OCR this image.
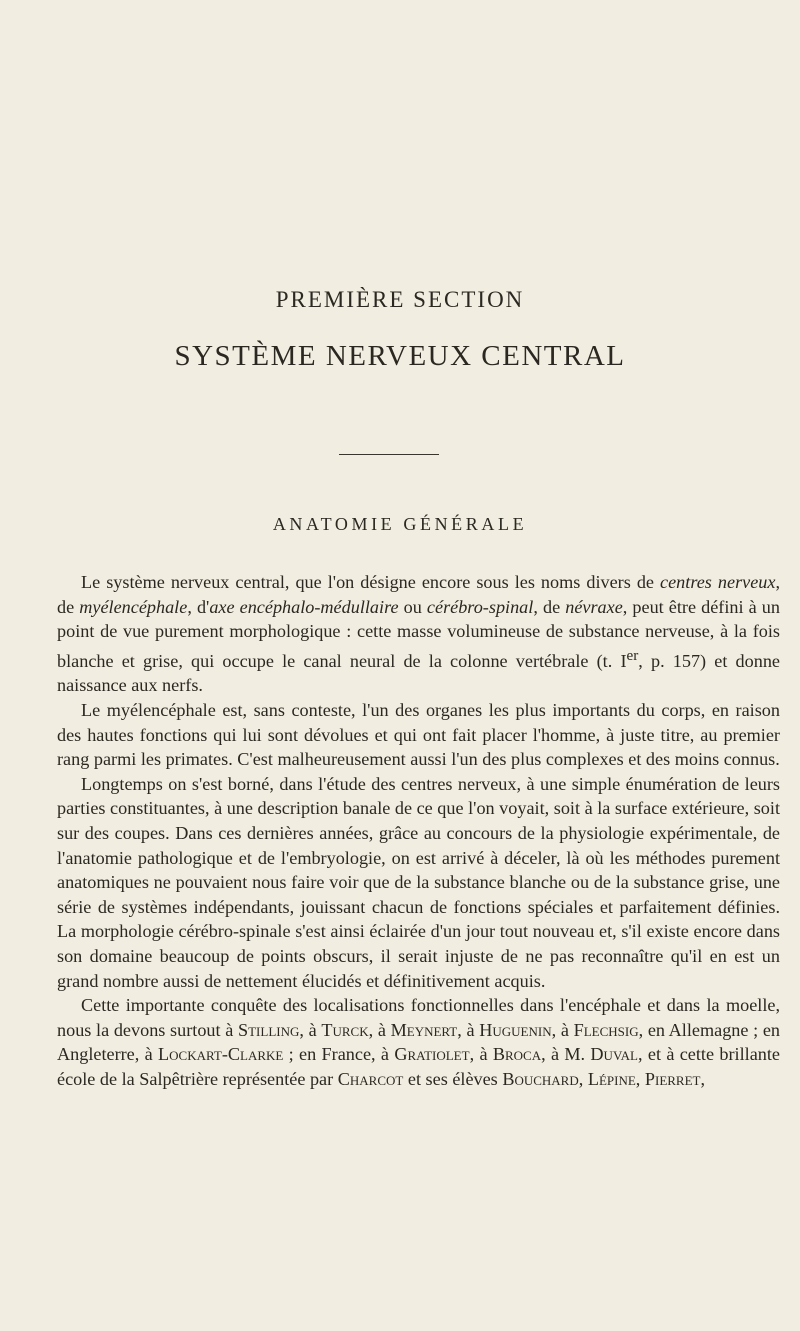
PREMIÈRE SECTION
SYSTÈME NERVEUX CENTRAL
ANATOMIE GÉNÉRALE

Le système nerveux central, que l'on désigne encore sous les noms divers de centres nerveux, de myélencéphale, d'axe encéphalo-médullaire ou cérébro-spinal, de névraxe, peut être défini à un point de vue purement morphologique : cette masse volumineuse de substance nerveuse, à la fois blanche et grise, qui occupe le canal neural de la colonne vertébrale (t. Ier, p. 157) et donne naissance aux nerfs.

Le myélencéphale est, sans conteste, l'un des organes les plus importants du corps, en raison des hautes fonctions qui lui sont dévolues et qui ont fait placer l'homme, à juste titre, au premier rang parmi les primates. C'est malheureusement aussi l'un des plus complexes et des moins connus.

Longtemps on s'est borné, dans l'étude des centres nerveux, à une simple énumération de leurs parties constituantes, à une description banale de ce que l'on voyait, soit à la surface extérieure, soit sur des coupes. Dans ces dernières années, grâce au concours de la physiologie expérimentale, de l'anatomie pathologique et de l'embryologie, on est arrivé à déceler, là où les méthodes purement anatomiques ne pouvaient nous faire voir que de la substance blanche ou de la substance grise, une série de systèmes indépendants, jouissant chacun de fonctions spéciales et parfaitement définies. La morphologie cérébro-spinale s'est ainsi éclairée d'un jour tout nouveau et, s'il existe encore dans son domaine beaucoup de points obscurs, il serait injuste de ne pas reconnaître qu'il en est un grand nombre aussi de nettement élucidés et définitivement acquis.

Cette importante conquête des localisations fonctionnelles dans l'encéphale et dans la moelle, nous la devons surtout à Stilling, à Turck, à Meynert, à Huguenin, à Flechsig, en Allemagne ; en Angleterre, à Lockart-Clarke ; en France, à Gratiolet, à Broca, à M. Duval, et à cette brillante école de la Salpêtrière représentée par Charcot et ses élèves Bouchard, Lépine, Pierret,
